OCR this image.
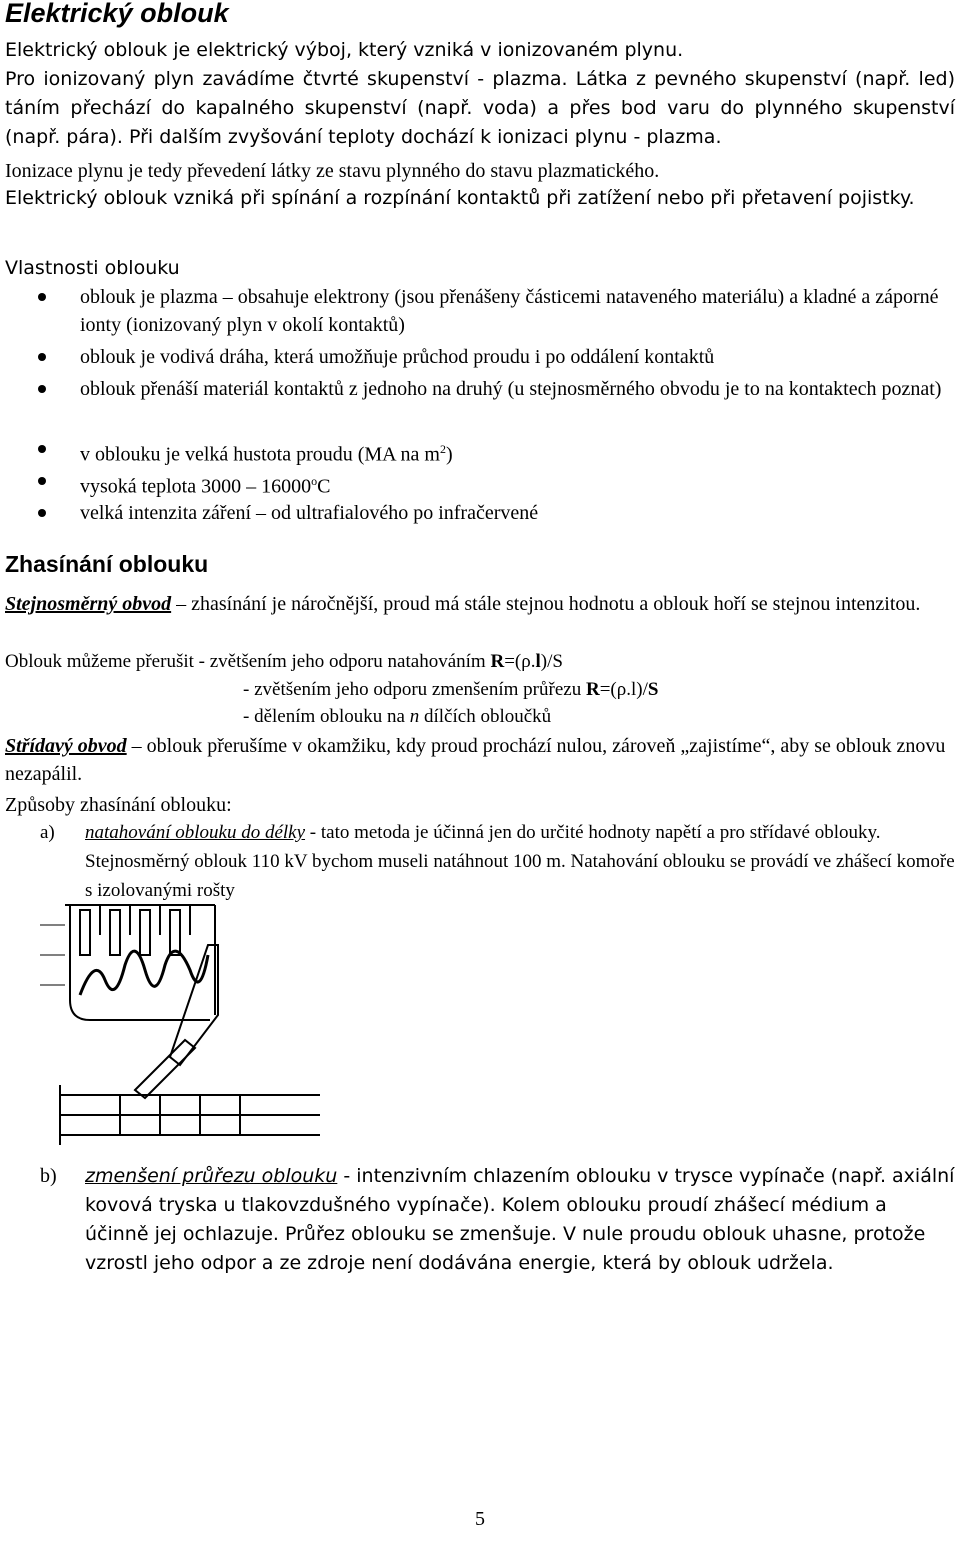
Elektrický oblouk

Elektrický oblouk je elektrický výboj, který vzniká v ionizovaném plynu.

Pro ionizovaný plyn zavádíme čtvrté skupenství - plazma. Látka z pevného skupenství (např. led) táním přechází do kapalného skupenství (např. voda) a přes bod varu do plynného skupenství (např. pára). Při dalším zvyšování teploty dochází k ionizaci plynu - plazma.

Ionizace plynu je tedy převedení látky ze stavu plynného do stavu plazmatického.

Elektrický oblouk vzniká při spínání a rozpínání kontaktů při zatížení nebo při přetavení pojistky.

Vlastnosti oblouku

oblouk je plazma – obsahuje elektrony (jsou přenášeny částicemi nataveného materiálu) a kladné a záporné ionty (ionizovaný plyn v okolí kontaktů)
oblouk je vodivá dráha, která umožňuje průchod proudu i po oddálení kontaktů
oblouk přenáší materiál kontaktů z jednoho na druhý (u stejnosměrného obvodu je to na kontaktech poznat)
v oblouku je velká hustota proudu (MA na $m^2$)
vysoká teplota 3000 – 16000$^o$C
velká intenzita záření – od ultrafialového po infračervené
Zhasínání oblouku

Stejnosměrný obvod – zhasínání je náročnější, proud má stále stejnou hodnotu a oblouk hoří se stejnou intenzitou.

Oblouk můžeme přerušit - zvětšením jeho odporu natahováním R=(ρ.l)/S
- zvětšením jeho odporu zmenšením průřezu R=(ρ.l)/S
- dělením oblouku na n dílčích obloučků

Střídavý obvod – oblouk přerušíme v okamžiku, kdy proud prochází nulou, zároveň „zajistíme“, aby se oblouk znovu nezapálil.

Způsoby zhasínání oblouku:

a) natahování oblouku do délky - tato metoda je účinná jen do určité hodnoty napětí a pro střídavé oblouky. Stejnosměrný oblouk 110 kV bychom museli natáhnout 100 m. Natahování oblouku se provádí ve zhášecí komoře s izolovanými rošty
b) zmenšení průřezu oblouku - intenzivním chlazením oblouku v trysce vypínače (např. axiální kovová tryska u tlakovzdušného vypínače). Kolem oblouku proudí zhášecí médium a účinně jej ochlazuje. Průřez oblouku se zmenšuje. V nule proudu oblouk uhasne, protože vzrostl jeho odpor a ze zdroje není dodávána energie, která by oblouk udržela.
5
